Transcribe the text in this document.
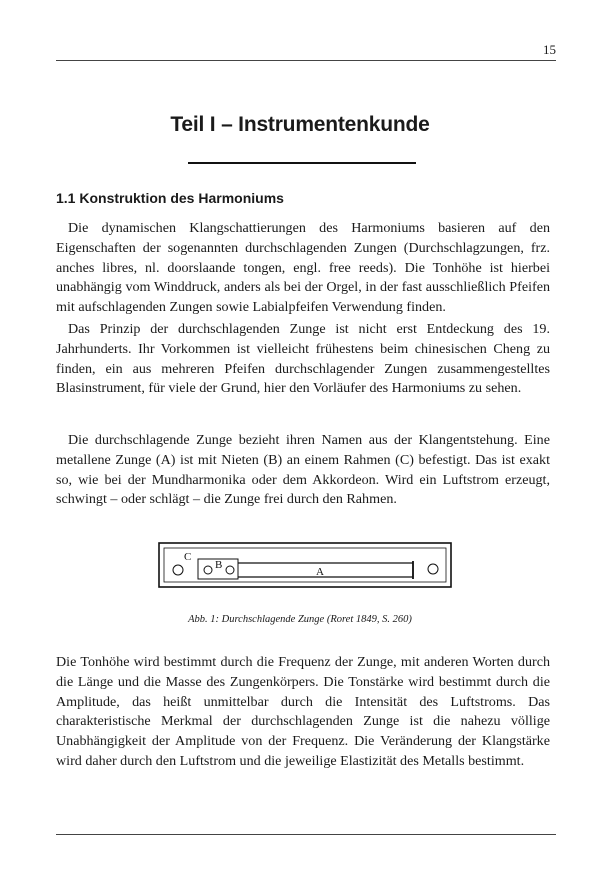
15
Teil I – Instrumentenkunde
1.1 Konstruktion des Harmoniums

Die dynamischen Klangschattierungen des Harmoniums basieren auf den Eigenschaften der sogenannten durchschlagenden Zungen (Durchschlagzungen, frz. anches libres, nl. doorslaande tongen, engl. free reeds). Die Tonhöhe ist hierbei unabhängig vom Winddruck, anders als bei der Orgel, in der fast ausschließlich Pfeifen mit aufschlagenden Zungen sowie Labialpfeifen Verwendung finden.

Das Prinzip der durchschlagenden Zunge ist nicht erst Entdeckung des 19. Jahrhunderts. Ihr Vorkommen ist vielleicht frühestens beim chinesischen Cheng zu finden, ein aus mehreren Pfeifen durchschlagender Zungen zusammengestelltes Blasinstrument, für viele der Grund, hier den Vorläufer des Harmoniums zu sehen.

Die durchschlagende Zunge bezieht ihren Namen aus der Klangentstehung. Eine metallene Zunge (A) ist mit Nieten (B) an einem Rahmen (C) befestigt. Das ist exakt so, wie bei der Mundharmonika oder dem Akkordeon. Wird ein Luftstrom erzeugt, schwingt – oder schlägt – die Zunge frei durch den Rahmen.

C
B
A

Abb. 1: Durchschlagende Zunge (Roret 1849, S. 260)

Die Tonhöhe wird bestimmt durch die Frequenz der Zunge, mit anderen Worten durch die Länge und die Masse des Zungenkörpers. Die Tonstärke wird bestimmt durch die Amplitude, das heißt unmittelbar durch die Intensität des Luftstroms. Das charakteristische Merkmal der durchschlagenden Zunge ist die nahezu völlige Unabhängigkeit der Amplitude von der Frequenz. Die Veränderung der Klangstärke wird daher durch den Luftstrom und die jeweilige Elastizität des Metalls bestimmt.
